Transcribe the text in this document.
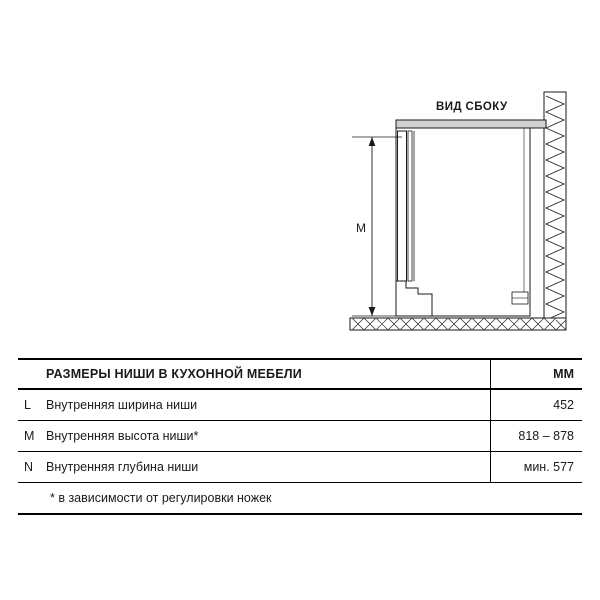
ВИД СБОКУ
M
РАЗМЕРЫ НИШИ В КУХОННОЙ МЕБЕЛИ	ММ
L	Внутренняя ширина ниши	452
M Внутренняя высота ниши*	818 – 878
N	Внутренняя глубина ниши	мин. 577
* в зависимости от регулировки ножек
